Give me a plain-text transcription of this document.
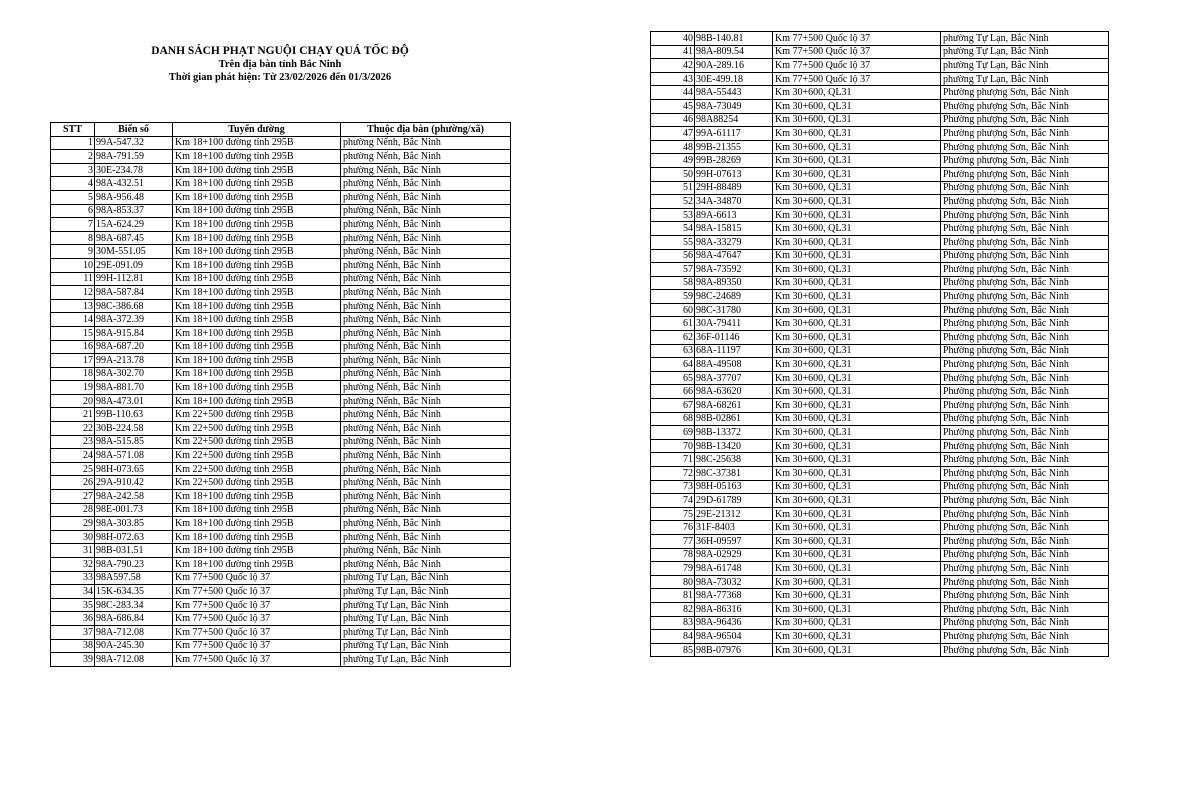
DANH SÁCH PHẠT NGUỘI CHẠY QUÁ TỐC ĐỘ
Trên địa bàn tỉnh Bắc Ninh
Thời gian phát hiện: Từ 23/02/2026 đến 01/3/2026
STT	Biển số	Tuyến đường	Thuộc địa bàn (phường/xã)
1	99A-547.32	Km 18+100 đường tỉnh 295B	phường Nếnh, Bắc Ninh
2	98A-791.59	Km 18+100 đường tỉnh 295B	phường Nếnh, Bắc Ninh
3	30E-234.78	Km 18+100 đường tỉnh 295B	phường Nếnh, Bắc Ninh
4	98A-432.51	Km 18+100 đường tỉnh 295B	phường Nếnh, Bắc Ninh
5	98A-956.48	Km 18+100 đường tỉnh 295B	phường Nếnh, Bắc Ninh
6	98A-853.37	Km 18+100 đường tỉnh 295B	phường Nếnh, Bắc Ninh
7	15A-624.29	Km 18+100 đường tỉnh 295B	phường Nếnh, Bắc Ninh
8	98A-687.45	Km 18+100 đường tỉnh 295B	phường Nếnh, Bắc Ninh
9	30M-551.05	Km 18+100 đường tỉnh 295B	phường Nếnh, Bắc Ninh
10	29E-091.09	Km 18+100 đường tỉnh 295B	phường Nếnh, Bắc Ninh
11	99H-112.81	Km 18+100 đường tỉnh 295B	phường Nếnh, Bắc Ninh
12	98A-587.84	Km 18+100 đường tỉnh 295B	phường Nếnh, Bắc Ninh
13	98C-386.68	Km 18+100 đường tỉnh 295B	phường Nếnh, Bắc Ninh
14	98A-372.39	Km 18+100 đường tỉnh 295B	phường Nếnh, Bắc Ninh
15	98A-915.84	Km 18+100 đường tỉnh 295B	phường Nếnh, Bắc Ninh
16	98A-687.20	Km 18+100 đường tỉnh 295B	phường Nếnh, Bắc Ninh
17	99A-213.78	Km 18+100 đường tỉnh 295B	phường Nếnh, Bắc Ninh
18	98A-302.70	Km 18+100 đường tỉnh 295B	phường Nếnh, Bắc Ninh
19	98A-881.70	Km 18+100 đường tỉnh 295B	phường Nếnh, Bắc Ninh
20	98A-473.01	Km 18+100 đường tỉnh 295B	phường Nếnh, Bắc Ninh
21	99B-110.63	Km 22+500 đường tỉnh 295B	phường Nếnh, Bắc Ninh
22	30B-224.58	Km 22+500 đường tỉnh 295B	phường Nếnh, Bắc Ninh
23	98A-515.85	Km 22+500 đường tỉnh 295B	phường Nếnh, Bắc Ninh
24	98A-571.08	Km 22+500 đường tỉnh 295B	phường Nếnh, Bắc Ninh
25	98H-073.65	Km 22+500 đường tỉnh 295B	phường Nếnh, Bắc Ninh
26	29A-910.42	Km 22+500 đường tỉnh 295B	phường Nếnh, Bắc Ninh
27	98A-242.58	Km 18+100 đường tỉnh 295B	phường Nếnh, Bắc Ninh
28	98E-001.73	Km 18+100 đường tỉnh 295B	phường Nếnh, Bắc Ninh
29	98A-303.85	Km 18+100 đường tỉnh 295B	phường Nếnh, Bắc Ninh
30	98H-072.63	Km 18+100 đường tỉnh 295B	phường Nếnh, Bắc Ninh
31	98B-031.51	Km 18+100 đường tỉnh 295B	phường Nếnh, Bắc Ninh
32	98A-790.23	Km 18+100 đường tỉnh 295B	phường Nếnh, Bắc Ninh
33	98A597.58	Km 77+500 Quốc lộ 37	phường Tự Lạn, Bắc Ninh
34	15K-634.35	Km 77+500 Quốc lộ 37	phường Tự Lạn, Bắc Ninh
35	98C-283.34	Km 77+500 Quốc lộ 37	phường Tự Lạn, Bắc Ninh
36	98A-686.84	Km 77+500 Quốc lộ 37	phường Tự Lạn, Bắc Ninh
37	98A-712.08	Km 77+500 Quốc lộ 37	phường Tự Lạn, Bắc Ninh
38	90A-245.30	Km 77+500 Quốc lộ 37	phường Tự Lạn, Bắc Ninh
39	98A-712.08	Km 77+500 Quốc lộ 37	phường Tự Lạn, Bắc Ninh
40	98B-140.81	Km 77+500 Quốc lộ 37	phường Tự Lạn, Bắc Ninh
41	98A-809.54	Km 77+500 Quốc lộ 37	phường Tự Lạn, Bắc Ninh
42	90A-289.16	Km 77+500 Quốc lộ 37	phường Tự Lạn, Bắc Ninh
43	30E-499.18	Km 77+500 Quốc lộ 37	phường Tự Lạn, Bắc Ninh
44	98A-55443	Km 30+600, QL31	Phường phượng Sơn, Bắc Ninh
45	98A-73049	Km 30+600, QL31	Phường phượng Sơn, Bắc Ninh
46	98A88254	Km 30+600, QL31	Phường phượng Sơn, Bắc Ninh
47	99A-61117	Km 30+600, QL31	Phường phượng Sơn, Bắc Ninh
48	99B-21355	Km 30+600, QL31	Phường phượng Sơn, Bắc Ninh
49	99B-28269	Km 30+600, QL31	Phường phượng Sơn, Bắc Ninh
50	99H-07613	Km 30+600, QL31	Phường phượng Sơn, Bắc Ninh
51	29H-88489	Km 30+600, QL31	Phường phượng Sơn, Bắc Ninh
52	34A-34870	Km 30+600, QL31	Phường phượng Sơn, Bắc Ninh
53	89A-6613	Km 30+600, QL31	Phường phượng Sơn, Bắc Ninh
54	98A-15815	Km 30+600, QL31	Phường phượng Sơn, Bắc Ninh
55	98A-33279	Km 30+600, QL31	Phường phượng Sơn, Bắc Ninh
56	98A-47647	Km 30+600, QL31	Phường phượng Sơn, Bắc Ninh
57	98A-73592	Km 30+600, QL31	Phường phượng Sơn, Bắc Ninh
58	98A-89350	Km 30+600, QL31	Phường phượng Sơn, Bắc Ninh
59	98C-24689	Km 30+600, QL31	Phường phượng Sơn, Bắc Ninh
60	98C-31780	Km 30+600, QL31	Phường phượng Sơn, Bắc Ninh
61	30A-79411	Km 30+600, QL31	Phường phượng Sơn, Bắc Ninh
62	36F-01146	Km 30+600, QL31	Phường phượng Sơn, Bắc Ninh
63	68A-11197	Km 30+600, QL31	Phường phượng Sơn, Bắc Ninh
64	88A-49508	Km 30+600, QL31	Phường phượng Sơn, Bắc Ninh
65	98A-37707	Km 30+600, QL31	Phường phượng Sơn, Bắc Ninh
66	98A-63620	Km 30+600, QL31	Phường phượng Sơn, Bắc Ninh
67	98A-68261	Km 30+600, QL31	Phường phượng Sơn, Bắc Ninh
68	98B-02861	Km 30+600, QL31	Phường phượng Sơn, Bắc Ninh
69	98B-13372	Km 30+600, QL31	Phường phượng Sơn, Bắc Ninh
70	98B-13420	Km 30+600, QL31	Phường phượng Sơn, Bắc Ninh
71	98C-25638	Km 30+600, QL31	Phường phượng Sơn, Bắc Ninh
72	98C-37381	Km 30+600, QL31	Phường phượng Sơn, Bắc Ninh
73	98H-05163	Km 30+600, QL31	Phường phượng Sơn, Bắc Ninh
74	29D-61789	Km 30+600, QL31	Phường phượng Sơn, Bắc Ninh
75	29E-21312	Km 30+600, QL31	Phường phượng Sơn, Bắc Ninh
76	31F-8403	Km 30+600, QL31	Phường phượng Sơn, Bắc Ninh
77	36H-09597	Km 30+600, QL31	Phường phượng Sơn, Bắc Ninh
78	98A-02929	Km 30+600, QL31	Phường phượng Sơn, Bắc Ninh
79	98A-61748	Km 30+600, QL31	Phường phượng Sơn, Bắc Ninh
80	98A-73032	Km 30+600, QL31	Phường phượng Sơn, Bắc Ninh
81	98A-77368	Km 30+600, QL31	Phường phượng Sơn, Bắc Ninh
82	98A-86316	Km 30+600, QL31	Phường phượng Sơn, Bắc Ninh
83	98A-96436	Km 30+600, QL31	Phường phượng Sơn, Bắc Ninh
84	98A-96504	Km 30+600, QL31	Phường phượng Sơn, Bắc Ninh
85	98B-07976	Km 30+600, QL31	Phường phượng Sơn, Bắc Ninh
